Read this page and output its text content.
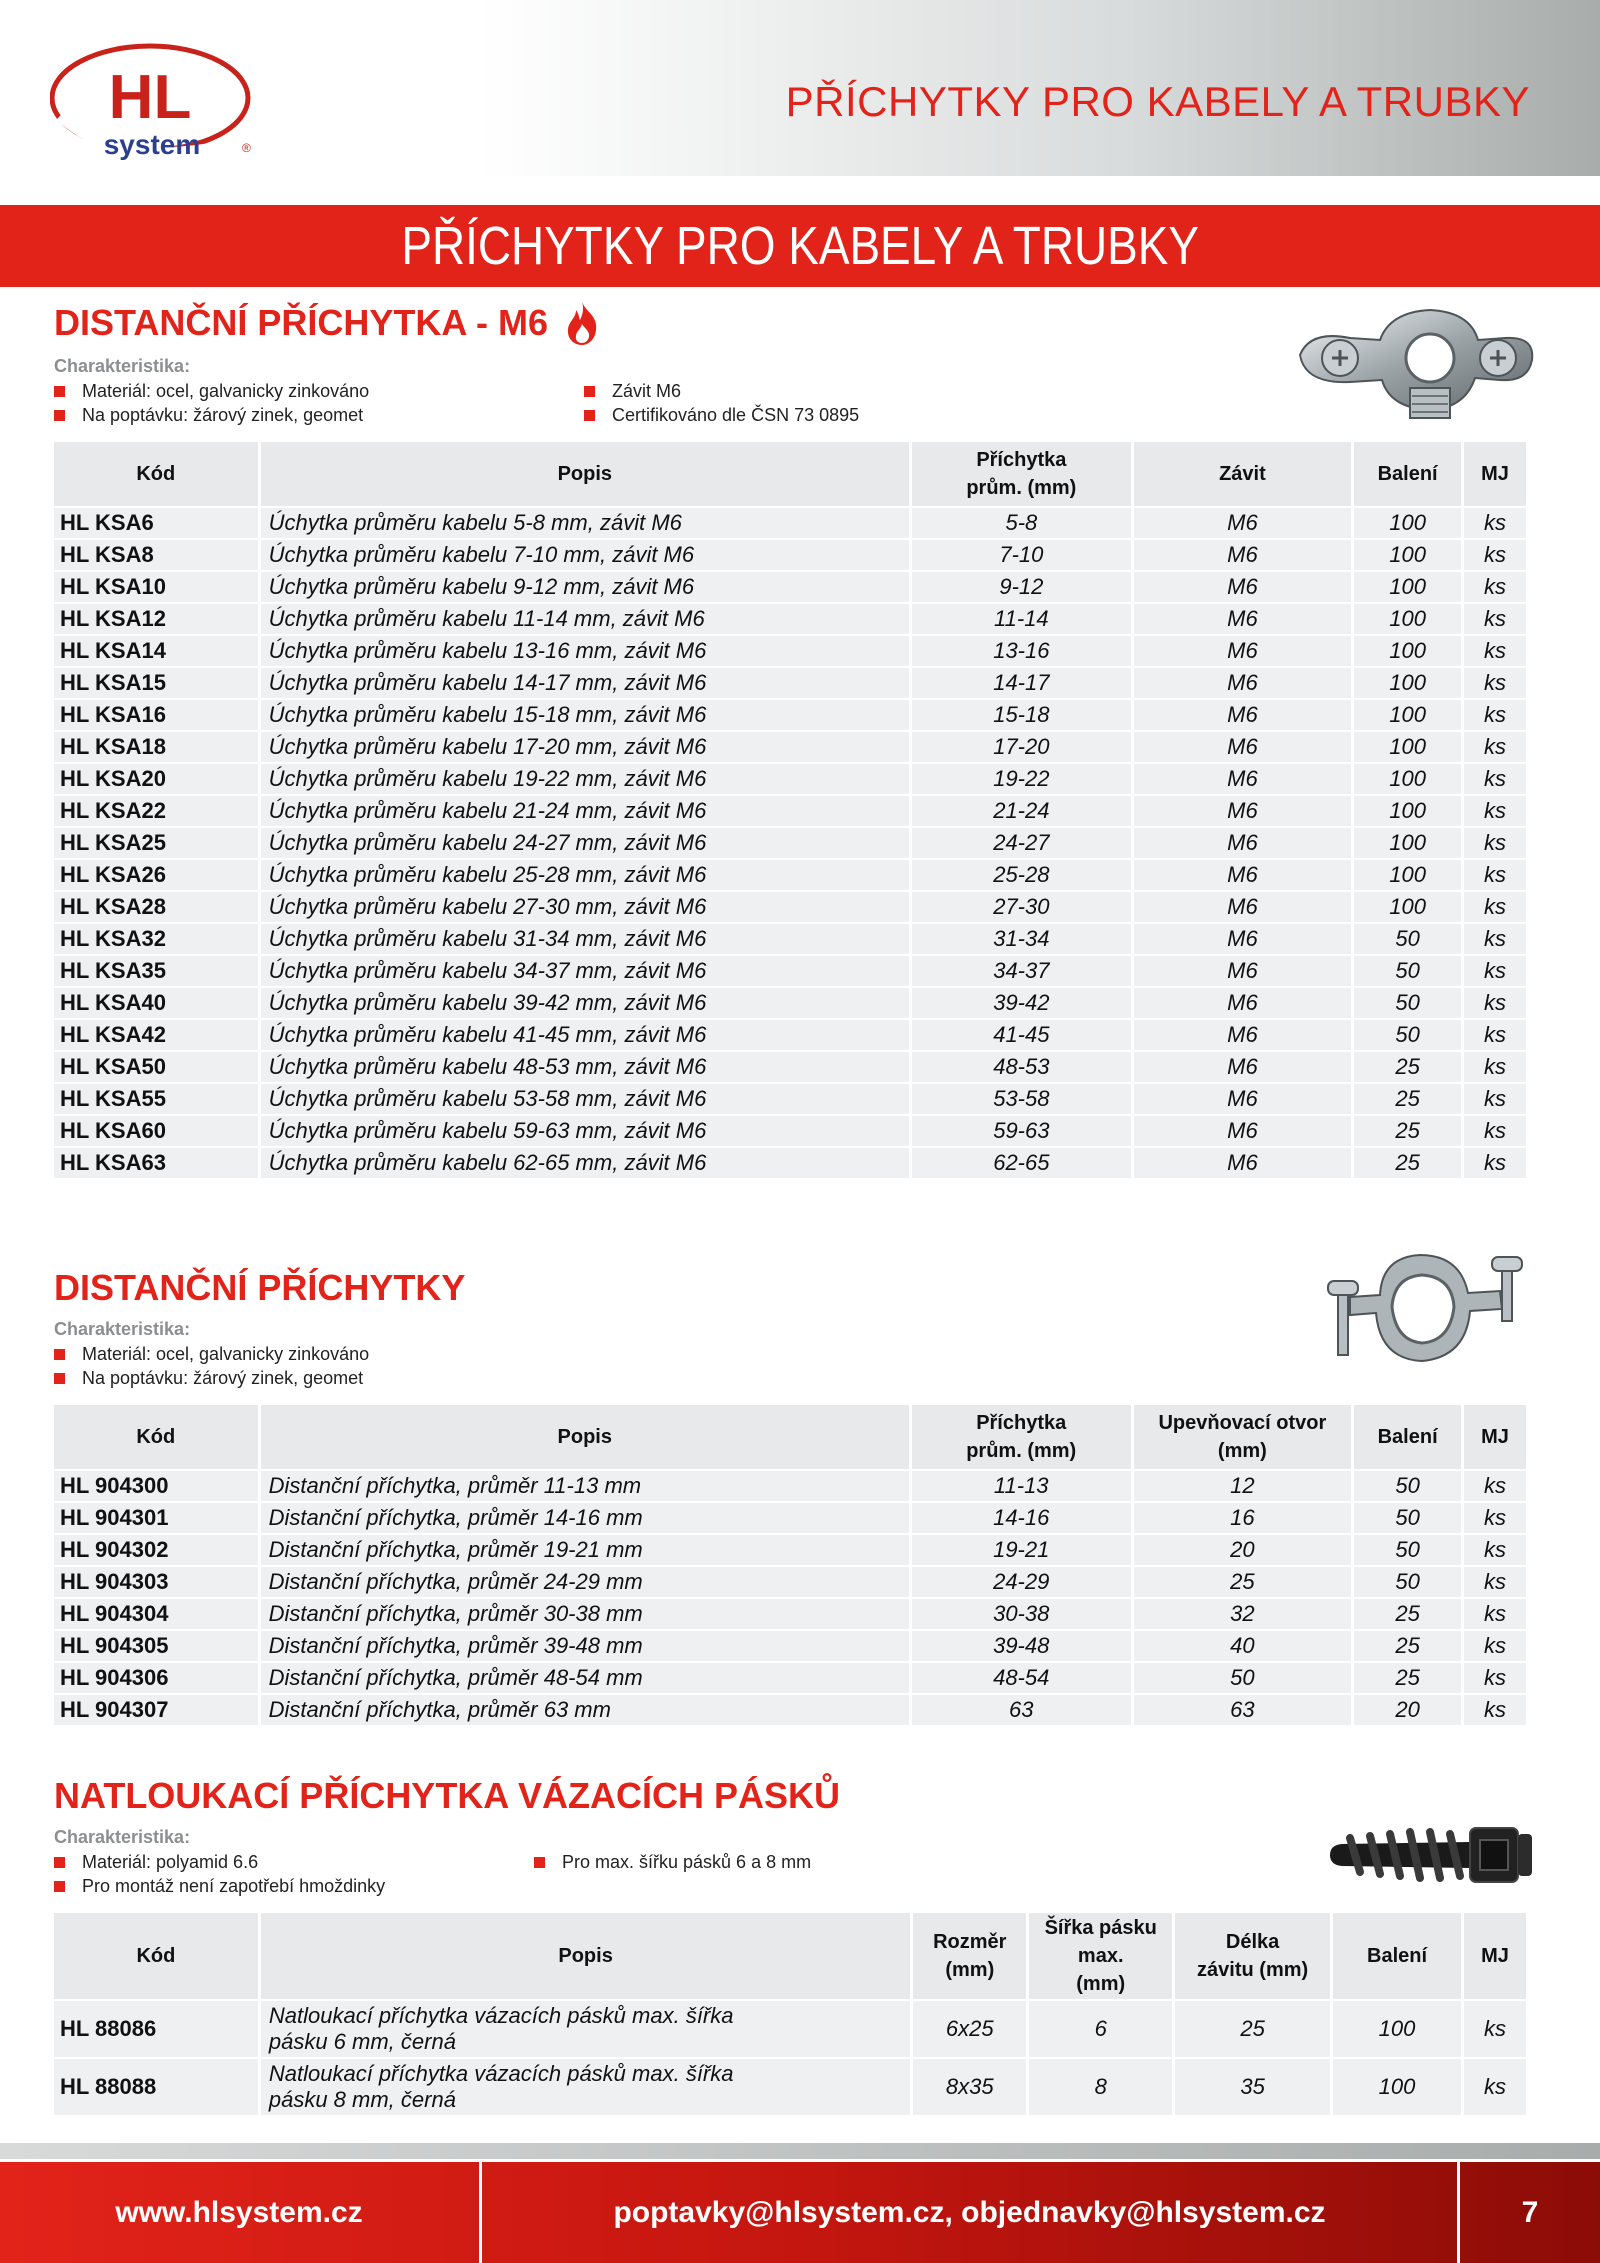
HL
system	®
PŘÍCHYTKY PRO KABELY A TRUBKY
PŘÍCHYTKY PRO KABELY A TRUBKY
DISTANČNÍ PŘÍCHYTKA - M6
Charakteristika:
Materiál: ocel, galvanicky zinkováno	Závit M6
Na poptávku: žárový zinek, geomet	Certifikováno dle ČSN 73 0895
Kód	Popis	Příchytka
prům. (mm)	Závit	Balení	MJ
HL KSA6	Úchytka průměru kabelu 5-8 mm, závit M6	5-8	M6	100	ks
HL KSA8	Úchytka průměru kabelu 7-10 mm, závit M6	7-10	M6	100	ks
HL KSA10	Úchytka průměru kabelu 9-12 mm, závit M6	9-12	M6	100	ks
HL KSA12	Úchytka průměru kabelu 11-14 mm, závit M6	11-14	M6	100	ks
HL KSA14	Úchytka průměru kabelu 13-16 mm, závit M6	13-16	M6	100	ks
HL KSA15	Úchytka průměru kabelu 14-17 mm, závit M6	14-17	M6	100	ks
HL KSA16	Úchytka průměru kabelu 15-18 mm, závit M6	15-18	M6	100	ks
HL KSA18	Úchytka průměru kabelu 17-20 mm, závit M6	17-20	M6	100	ks
HL KSA20	Úchytka průměru kabelu 19-22 mm, závit M6	19-22	M6	100	ks
HL KSA22	Úchytka průměru kabelu 21-24 mm, závit M6	21-24	M6	100	ks
HL KSA25	Úchytka průměru kabelu 24-27 mm, závit M6	24-27	M6	100	ks
HL KSA26	Úchytka průměru kabelu 25-28 mm, závit M6	25-28	M6	100	ks
HL KSA28	Úchytka průměru kabelu 27-30 mm, závit M6	27-30	M6	100	ks
HL KSA32	Úchytka průměru kabelu 31-34 mm, závit M6	31-34	M6	50	ks
HL KSA35	Úchytka průměru kabelu 34-37 mm, závit M6	34-37	M6	50	ks
HL KSA40	Úchytka průměru kabelu 39-42 mm, závit M6	39-42	M6	50	ks
HL KSA42	Úchytka průměru kabelu 41-45 mm, závit M6	41-45	M6	50	ks
HL KSA50	Úchytka průměru kabelu 48-53 mm, závit M6	48-53	M6	25	ks
HL KSA55	Úchytka průměru kabelu 53-58 mm, závit M6	53-58	M6	25	ks
HL KSA60	Úchytka průměru kabelu 59-63 mm, závit M6	59-63	M6	25	ks
HL KSA63	Úchytka průměru kabelu 62-65 mm, závit M6	62-65	M6	25	ks
DISTANČNÍ PŘÍCHYTKY
Charakteristika:
Materiál: ocel, galvanicky zinkováno
Na poptávku: žárový zinek, geomet
Kód	Popis	Příchytka
prům. (mm)	Upevňovací otvor
(mm)	Balení	MJ
HL 904300	Distanční příchytka, průměr 11-13 mm	11-13	12	50	ks
HL 904301	Distanční příchytka, průměr 14-16 mm	14-16	16	50	ks
HL 904302	Distanční příchytka, průměr 19-21 mm	19-21	20	50	ks
HL 904303	Distanční příchytka, průměr 24-29 mm	24-29	25	50	ks
HL 904304	Distanční příchytka, průměr 30-38 mm	30-38	32	25	ks
HL 904305	Distanční příchytka, průměr 39-48 mm	39-48	40	25	ks
HL 904306	Distanční příchytka, průměr 48-54 mm	48-54	50	25	ks
HL 904307	Distanční příchytka, průměr 63 mm	63	63	20	ks
NATLOUKACÍ PŘÍCHYTKA VÁZACÍCH PÁSKŮ
Charakteristika:
Materiál: polyamid 6.6	Pro max. šířku pásků 6 a 8 mm
Pro montáž není zapotřebí hmoždinky
Kód	Popis	Rozměr
(mm)	Šířka pásku max.
(mm)	Délka
závitu (mm)	Balení	MJ
HL 88086	Natloukací příchytka vázacích pásků max. šířka
pásku 6 mm, černá	6x25	6	25	100	ks
HL 88088	Natloukací příchytka vázacích pásků max. šířka
pásku 8 mm, černá	8x35	8	35	100	ks
www.hlsystem.cz	poptavky@hlsystem.cz, objednavky@hlsystem.cz	7
